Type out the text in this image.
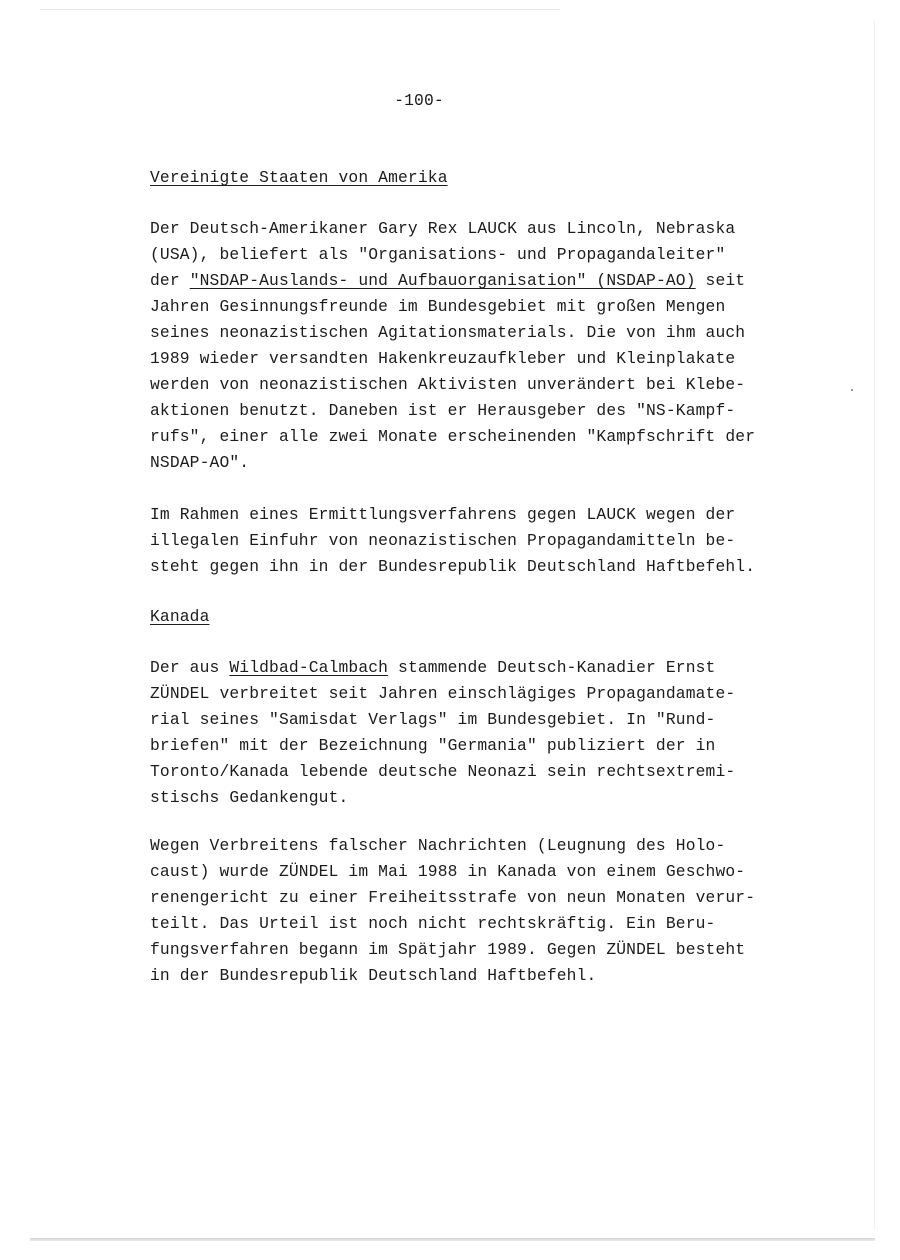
-100-
Vereinigte Staaten von Amerika
Der Deutsch-Amerikaner Gary Rex LAUCK aus Lincoln, Nebraska
(USA), beliefert als "Organisations- und Propagandaleiter"
der "NSDAP-Auslands- und Aufbauorganisation" (NSDAP-AO) seit
Jahren Gesinnungsfreunde im Bundesgebiet mit großen Mengen
seines neonazistischen Agitationsmaterials. Die von ihm auch
1989 wieder versandten Hakenkreuzaufkleber und Kleinplakate
werden von neonazistischen Aktivisten unverändert bei Klebe-
aktionen benutzt. Daneben ist er Herausgeber des "NS-Kampf-
rufs", einer alle zwei Monate erscheinenden "Kampfschrift der
NSDAP-AO".
Im Rahmen eines Ermittlungsverfahrens gegen LAUCK wegen der
illegalen Einfuhr von neonazistischen Propagandamitteln be-
steht gegen ihn in der Bundesrepublik Deutschland Haftbefehl.
Kanada
Der aus Wildbad-Calmbach stammende Deutsch-Kanadier Ernst
ZÜNDEL verbreitet seit Jahren einschlägiges Propagandamate-
rial seines "Samisdat Verlags" im Bundesgebiet. In "Rund-
briefen" mit der Bezeichnung "Germania" publiziert der in
Toronto/Kanada lebende deutsche Neonazi sein rechtsextremi-
stischs Gedankengut.
Wegen Verbreitens falscher Nachrichten (Leugnung des Holo-
caust) wurde ZÜNDEL im Mai 1988 in Kanada von einem Geschwo-
renengericht zu einer Freiheitsstrafe von neun Monaten verur-
teilt. Das Urteil ist noch nicht rechtskräftig. Ein Beru-
fungsverfahren begann im Spätjahr 1989. Gegen ZÜNDEL besteht
in der Bundesrepublik Deutschland Haftbefehl.
